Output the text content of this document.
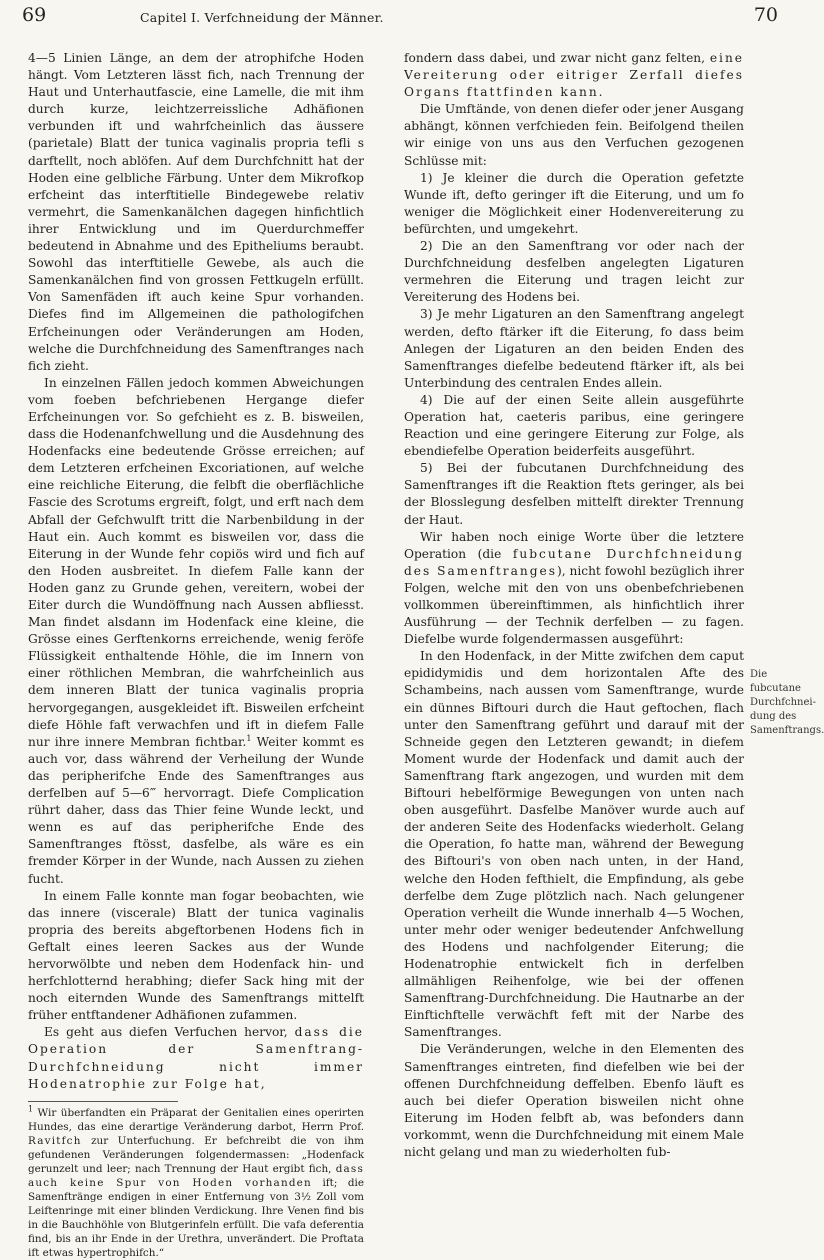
69	Capitel I. Verfchneidung der Männer.	70

4—5 Linien Länge, an dem der atrophifche Hoden hängt. Vom Letzteren lässt fich, nach Trennung der Haut und Unterhautfascie, eine Lamelle, die mit ihm durch kurze, leichtzerreissliche Adhäfionen verbunden ift und wahrfcheinlich das äussere (parietale) Blatt der tunica vaginalis propria tefli s darftellt, noch ablöfen. Auf dem Durchfchnitt hat der Hoden eine gelbliche Färbung. Unter dem Mikrofkop erfcheint das interftitielle Bindegewebe relativ vermehrt, die Samenkanälchen dagegen hinfichtlich ihrer Entwicklung und im Querdurchmeffer bedeutend in Abnahme und des Epitheliums beraubt. Sowohl das interftitielle Gewebe, als auch die Samenkanälchen find von grossen Fettkugeln erfüllt. Von Samenfäden ift auch keine Spur vorhanden. Diefes find im Allgemeinen die pathologifchen Erfcheinungen oder Veränderungen am Hoden, welche die Durchfchneidung des Samenftranges nach fich zieht.

In einzelnen Fällen jedoch kommen Abweichungen vom foeben befchriebenen Hergange diefer Erfcheinungen vor. So gefchieht es z. B. bisweilen, dass die Hodenanfchwellung und die Ausdehnung des Hodenfacks eine bedeutende Grösse erreichen; auf dem Letzteren erfcheinen Excoriationen, auf welche eine reichliche Eiterung, die felbft die oberflächliche Fascie des Scrotums ergreift, folgt, und erft nach dem Abfall der Gefchwulft tritt die Narbenbildung in der Haut ein. Auch kommt es bisweilen vor, dass die Eiterung in der Wunde fehr copiös wird und fich auf den Hoden ausbreitet. In diefem Falle kann der Hoden ganz zu Grunde gehen, vereitern, wobei der Eiter durch die Wundöffnung nach Aussen abfliesst. Man findet alsdann im Hodenfack eine kleine, die Grösse eines Gerftenkorns erreichende, wenig feröfe Flüssigkeit enthaltende Höhle, die im Innern von einer röthlichen Membran, die wahrfcheinlich aus dem inneren Blatt der tunica vaginalis propria hervorgegangen, ausgekleidet ift. Bisweilen erfcheint diefe Höhle faft verwachfen und ift in diefem Falle nur ihre innere Membran fichtbar.$^1$ Weiter kommt es auch vor, dass während der Verheilung der Wunde das peripherifche Ende des Samenftranges aus derfelben auf 5—6‴ hervorragt. Diefe Complication rührt daher, dass das Thier feine Wunde leckt, und wenn es auf das peripherifche Ende des Samenftranges ftösst, dasfelbe, als wäre es ein fremder Körper in der Wunde, nach Aussen zu ziehen fucht.

In einem Falle konnte man fogar beobachten, wie das innere (viscerale) Blatt der tunica vaginalis propria des bereits abgeftorbenen Hodens fich in Geftalt eines leeren Sackes aus der Wunde hervorwölbte und neben dem Hodenfack hin- und herfchlotternd herabhing; diefer Sack hing mit der noch eiternden Wunde des Samenftrangs mittelft früher entftandener Adhäfionen zufammen.

Es geht aus diefen Verfuchen hervor, dass die Operation der Samenftrang-Durchfchneidung nicht immer Hodenatrophie zur Folge hat,

$^1$ Wir überfandten ein Präparat der Genitalien eines operirten Hundes, das eine derartige Veränderung darbot, Herrn Prof. Ravitfch zur Unterfuchung. Er befchreibt die von ihm gefundenen Veränderungen folgendermassen: „Hodenfack gerunzelt und leer; nach Trennung der Haut ergibt fich, dass auch keine Spur von Hoden vorhanden ift; die Samenftränge endigen in einer Entfernung von 3½ Zoll vom Leiftenringe mit einer blinden Verdickung. Ihre Venen find bis in die Bauchhöhle von Blutgerinfeln erfüllt. Die vafa deferentia find, bis an ihr Ende in der Urethra, unverändert. Die Proftata ift etwas hypertrophifch.“

fondern dass dabei, und zwar nicht ganz felten, eine Vereiterung oder eitriger Zerfall diefes Organs ftattfinden kann.

Die Umftände, von denen diefer oder jener Ausgang abhängt, können verfchieden fein. Beifolgend theilen wir einige von uns aus den Verfuchen gezogenen Schlüsse mit:

1) Je kleiner die durch die Operation gefetzte Wunde ift, defto geringer ift die Eiterung, und um fo weniger die Möglichkeit einer Hodenvereiterung zu befürchten, und umgekehrt.

2) Die an den Samenftrang vor oder nach der Durchfchneidung desfelben angelegten Ligaturen vermehren die Eiterung und tragen leicht zur Vereiterung des Hodens bei.

3) Je mehr Ligaturen an den Samenftrang angelegt werden, defto ftärker ift die Eiterung, fo dass beim Anlegen der Ligaturen an den beiden Enden des Samenftranges diefelbe bedeutend ftärker ift, als bei Unterbindung des centralen Endes allein.

4) Die auf der einen Seite allein ausgeführte Operation hat, caeteris paribus, eine geringere Reaction und eine geringere Eiterung zur Folge, als ebendiefelbe Operation beiderfeits ausgeführt.

5) Bei der fubcutanen Durchfchneidung des Samenftranges ift die Reaktion ftets geringer, als bei der Blosslegung desfelben mittelft direkter Trennung der Haut.

Wir haben noch einige Worte über die letztere Operation (die fubcutane Durchfchneidung des Samenftranges), nicht fowohl bezüglich ihrer Folgen, welche mit den von uns obenbefchriebenen vollkommen übereinftimmen, als hinfichtlich ihrer Ausführung — der Technik derfelben — zu fagen. Diefelbe wurde folgendermassen ausgeführt:

In den Hodenfack, in der Mitte zwifchen dem caput epididymidis und dem horizontalen Afte des Schambeins, nach aussen vom Samenftrange, wurde ein dünnes Biftouri durch die Haut geftochen, flach unter den Samenftrang geführt und darauf mit der Schneide gegen den Letzteren gewandt; in diefem Moment wurde der Hodenfack und damit auch der Samenftrang ftark angezogen, und wurden mit dem Biftouri hebelförmige Bewegungen von unten nach oben ausgeführt. Dasfelbe Manöver wurde auch auf der anderen Seite des Hodenfacks wiederholt. Gelang die Operation, fo hatte man, während der Bewegung des Biftouri's von oben nach unten, in der Hand, welche den Hoden fefthielt, die Empfindung, als gebe derfelbe dem Zuge plötzlich nach. Nach gelungener Operation verheilt die Wunde innerhalb 4—5 Wochen, unter mehr oder weniger bedeutender Anfchwellung des Hodens und nachfolgender Eiterung; die Hodenatrophie entwickelt fich in derfelben allmähligen Reihenfolge, wie bei der offenen Samenftrang-Durchfchneidung. Die Hautnarbe an der Einftichftelle verwächft feft mit der Narbe des Samenftranges.

Die Veränderungen, welche in den Elementen des Samenftranges eintreten, find diefelben wie bei der offenen Durchfchneidung deffelben. Ebenfo läuft es auch bei diefer Operation bisweilen nicht ohne Eiterung im Hoden felbft ab, was befonders dann vorkommt, wenn die Durchfchneidung mit einem Male nicht gelang und man zu wiederholten fub-

Die fubcutane Durchfchnei-dung des Samenftrangs.
